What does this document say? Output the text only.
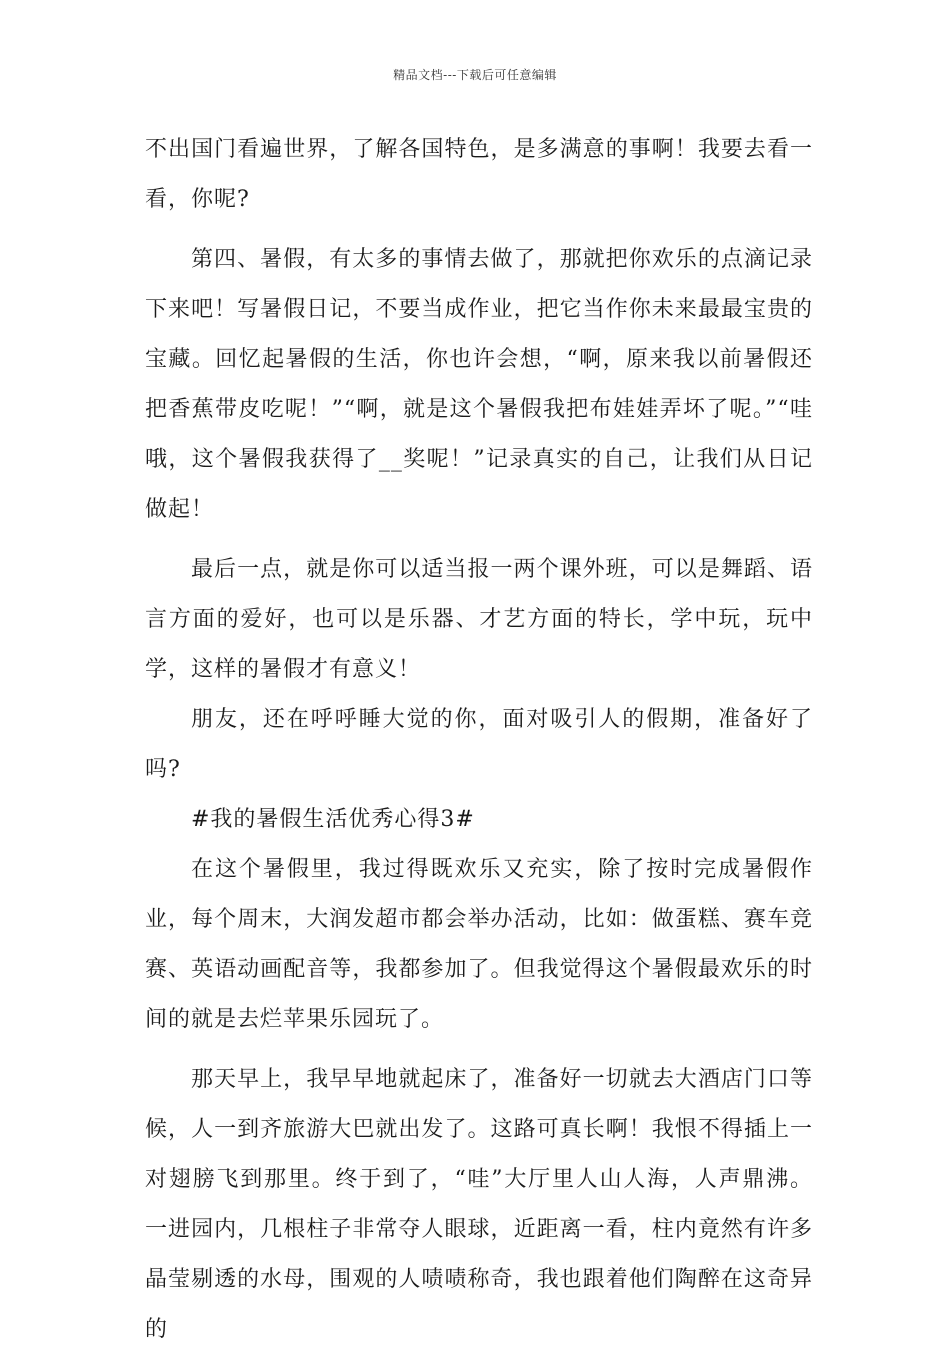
精品文档---下载后可任意编辑

不出国门看遍世界，了解各国特色，是多满意的事啊！我要去看一看，你呢?

第四、暑假，有太多的事情去做了，那就把你欢乐的点滴记录下来吧！写暑假日记，不要当成作业，把它当作你未来最最宝贵的宝藏。回忆起暑假的生活，你也许会想，“啊，原来我以前暑假还把香蕉带皮吃呢！”“啊，就是这个暑假我把布娃娃弄坏了呢。”“哇哦，这个暑假我获得了__奖呢！”记录真实的自己，让我们从日记做起！

最后一点，就是你可以适当报一两个课外班，可以是舞蹈、语言方面的爱好，也可以是乐器、才艺方面的特长，学中玩，玩中学，这样的暑假才有意义！

朋友，还在呼呼睡大觉的你，面对吸引人的假期，准备好了吗?

#我的暑假生活优秀心得3#

在这个暑假里，我过得既欢乐又充实，除了按时完成暑假作业，每个周末，大润发超市都会举办活动，比如：做蛋糕、赛车竞赛、英语动画配音等，我都参加了。但我觉得这个暑假最欢乐的时间的就是去烂苹果乐园玩了。

那天早上，我早早地就起床了，准备好一切就去大酒店门口等候，人一到齐旅游大巴就出发了。这路可真长啊！我恨不得插上一对翅膀飞到那里。终于到了，“哇”大厅里人山人海，人声鼎沸。一进园内，几根柱子非常夺人眼球，近距离一看，柱内竟然有许多晶莹剔透的水母，围观的人啧啧称奇，我也跟着他们陶醉在这奇异的
